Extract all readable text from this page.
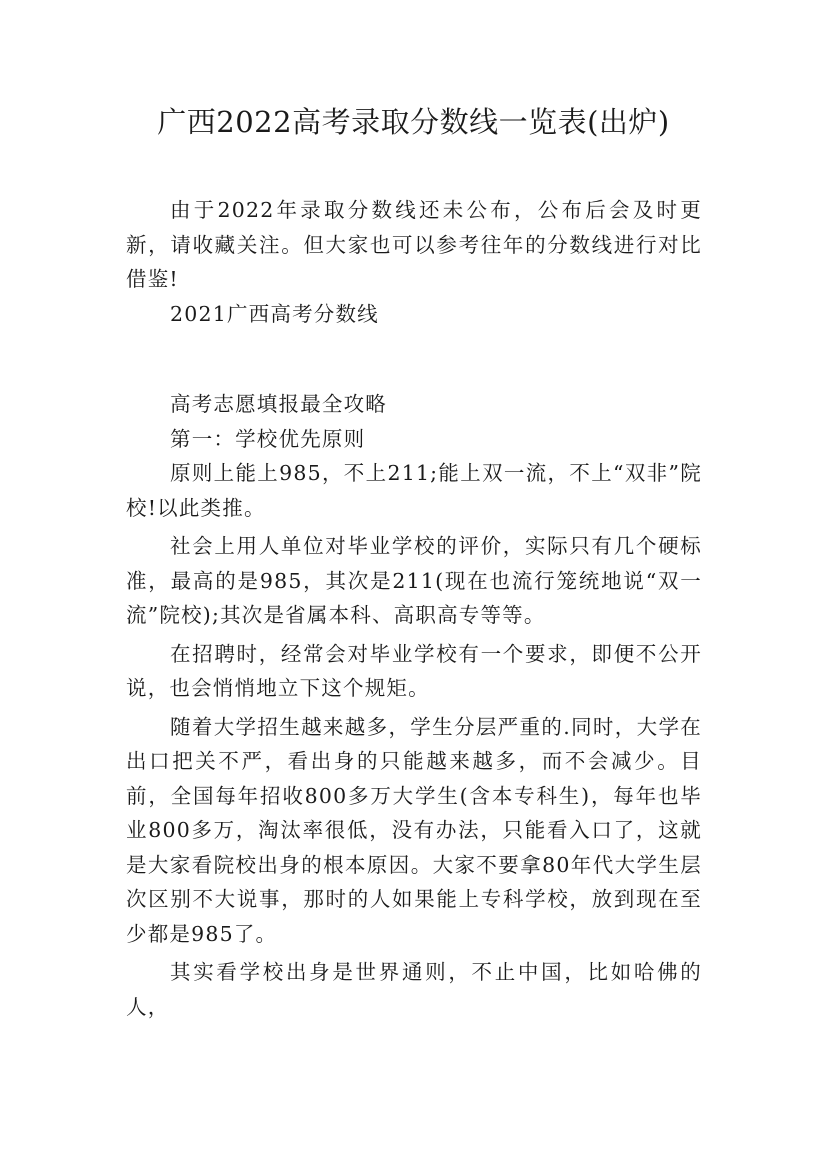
广西2022高考录取分数线一览表(出炉)

由于2022年录取分数线还未公布，公布后会及时更新，请收藏关注。但大家也可以参考往年的分数线进行对比借鉴!

2021广西高考分数线

高考志愿填报最全攻略

第一：学校优先原则

原则上能上985，不上211;能上双一流，不上“双非”院校!以此类推。

社会上用人单位对毕业学校的评价，实际只有几个硬标准，最高的是985，其次是211(现在也流行笼统地说“双一流”院校);其次是省属本科、高职高专等等。

在招聘时，经常会对毕业学校有一个要求，即便不公开说，也会悄悄地立下这个规矩。

随着大学招生越来越多，学生分层严重的.同时，大学在出口把关不严，看出身的只能越来越多，而不会减少。目前，全国每年招收800多万大学生(含本专科生)，每年也毕业800多万，淘汰率很低，没有办法，只能看入口了，这就是大家看院校出身的根本原因。大家不要拿80年代大学生层次区别不大说事，那时的人如果能上专科学校，放到现在至少都是985了。

其实看学校出身是世界通则，不止中国，比如哈佛的人，
